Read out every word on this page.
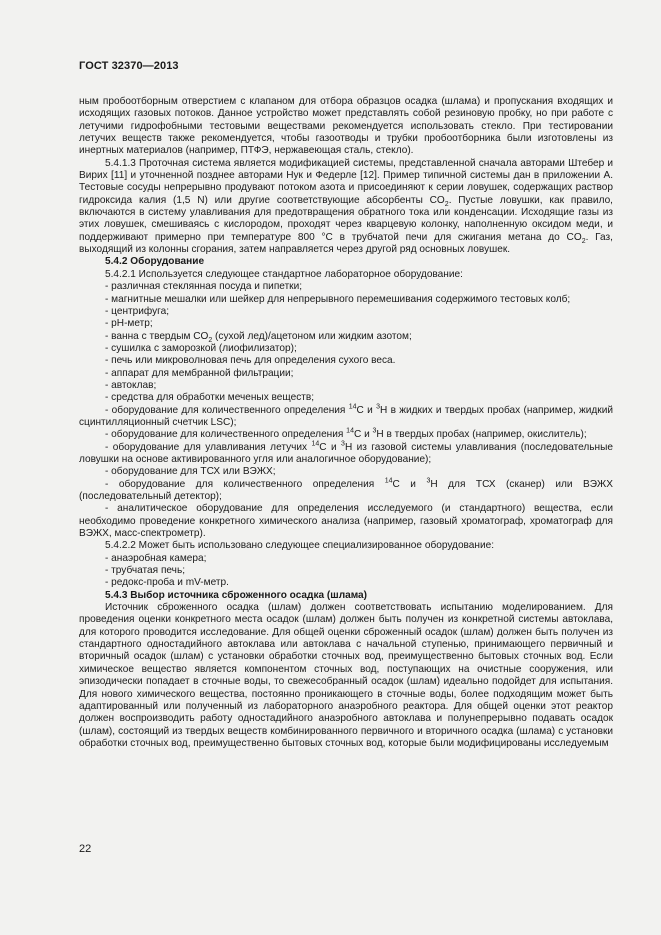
ГОСТ 32370—2013

ным пробоотборным отверстием с клапаном для отбора образцов осадка (шлама) и пропускания входящих и исходящих газовых потоков. Данное устройство может представлять собой резиновую пробку, но при работе с летучими гидрофобными тестовыми веществами рекомендуется использовать стекло. При тестировании летучих веществ также рекомендуется, чтобы газоотводы и трубки пробоотборника были изготовлены из инертных материалов (например, ПТФЭ, нержавеющая сталь, стекло).

5.4.1.3 Проточная система является модификацией системы, представленной сначала авторами Штебер и Вирих [11] и уточненной позднее авторами Нук и Федерле [12]. Пример типичной системы дан в приложении А. Тестовые сосуды непрерывно продувают потоком азота и присоединяют к серии ловушек, содержащих раствор гидроксида калия (1,5 N) или другие соответствующие абсорбенты $CO_2$. Пустые ловушки, как правило, включаются в систему улавливания для предотвращения обратного тока или конденсации. Исходящие газы из этих ловушек, смешиваясь с кислородом, проходят через кварцевую колонку, наполненную оксидом меди, и поддерживают примерно при температуре 800 °С в трубчатой печи для сжигания метана до $CO_2$. Газ, выходящий из колонны сгорания, затем направляется через другой ряд основных ловушек.

5.4.2 Оборудование

5.4.2.1 Используется следующее стандартное лабораторное оборудование:

- различная стеклянная посуда и пипетки;

- магнитные мешалки или шейкер для непрерывного перемешивания содержимого тестовых колб;

- центрифуга;

- pH-метр;

- ванна с твердым $CO_2$ (сухой лед)/ацетоном или жидким азотом;

- сушилка с заморозкой (лиофилизатор);

- печь или микроволновая печь для определения сухого веса.

- аппарат для мембранной фильтрации;

- автоклав;

- средства для обработки меченых веществ;

- оборудование для количественного определения $^{14}$С и $^3$Н в жидких и твердых пробах (например, жидкий сцинтилляционный счетчик LSC);

- оборудование для количественного определения $^{14}$С и $^3$Н в твердых пробах (например, окислитель);

- оборудование для улавливания летучих $^{14}$С и $^3$Н из газовой системы улавливания (последовательные ловушки на основе активированного угля или аналогичное оборудование);

- оборудование для ТСХ или ВЭЖХ;

- оборудование для количественного определения $^{14}$С и $^3$Н для ТСХ (сканер) или ВЭЖХ (последовательный детектор);

- аналитическое оборудование для определения исследуемого (и стандартного) вещества, если необходимо проведение конкретного химического анализа (например, газовый хроматограф, хроматограф для ВЭЖХ, масс-спектрометр).

5.4.2.2 Может быть использовано следующее специализированное оборудование:

- анаэробная камера;

- трубчатая печь;

- редокс-проба и mV-метр.

5.4.3 Выбор источника сброженного осадка (шлама)

Источник сброженного осадка (шлам) должен соответствовать испытанию моделированием. Для проведения оценки конкретного места осадок (шлам) должен быть получен из конкретной системы автоклава, для которого проводится исследование. Для общей оценки сброженный осадок (шлам) должен быть получен из стандартного одностадийного автоклава или автоклава с начальной ступенью, принимающего первичный и вторичный осадок (шлам) с установки обработки сточных вод, преимущественно бытовых сточных вод. Если химическое вещество является компонентом сточных вод, поступающих на очистные сооружения, или эпизодически попадает в сточные воды, то свежесобранный осадок (шлам) идеально подойдет для испытания. Для нового химического вещества, постоянно проникающего в сточные воды, более подходящим может быть адаптированный или полученный из лабораторного анаэробного реактора. Для общей оценки этот реактор должен воспроизводить работу одностадийного анаэробного автоклава и полунепрерывно подавать осадок (шлам), состоящий из твердых веществ комбинированного первичного и вторичного осадка (шлама) с установки обработки сточных вод, преимущественно бытовых сточных вод, которые были модифицированы исследуемым

22
